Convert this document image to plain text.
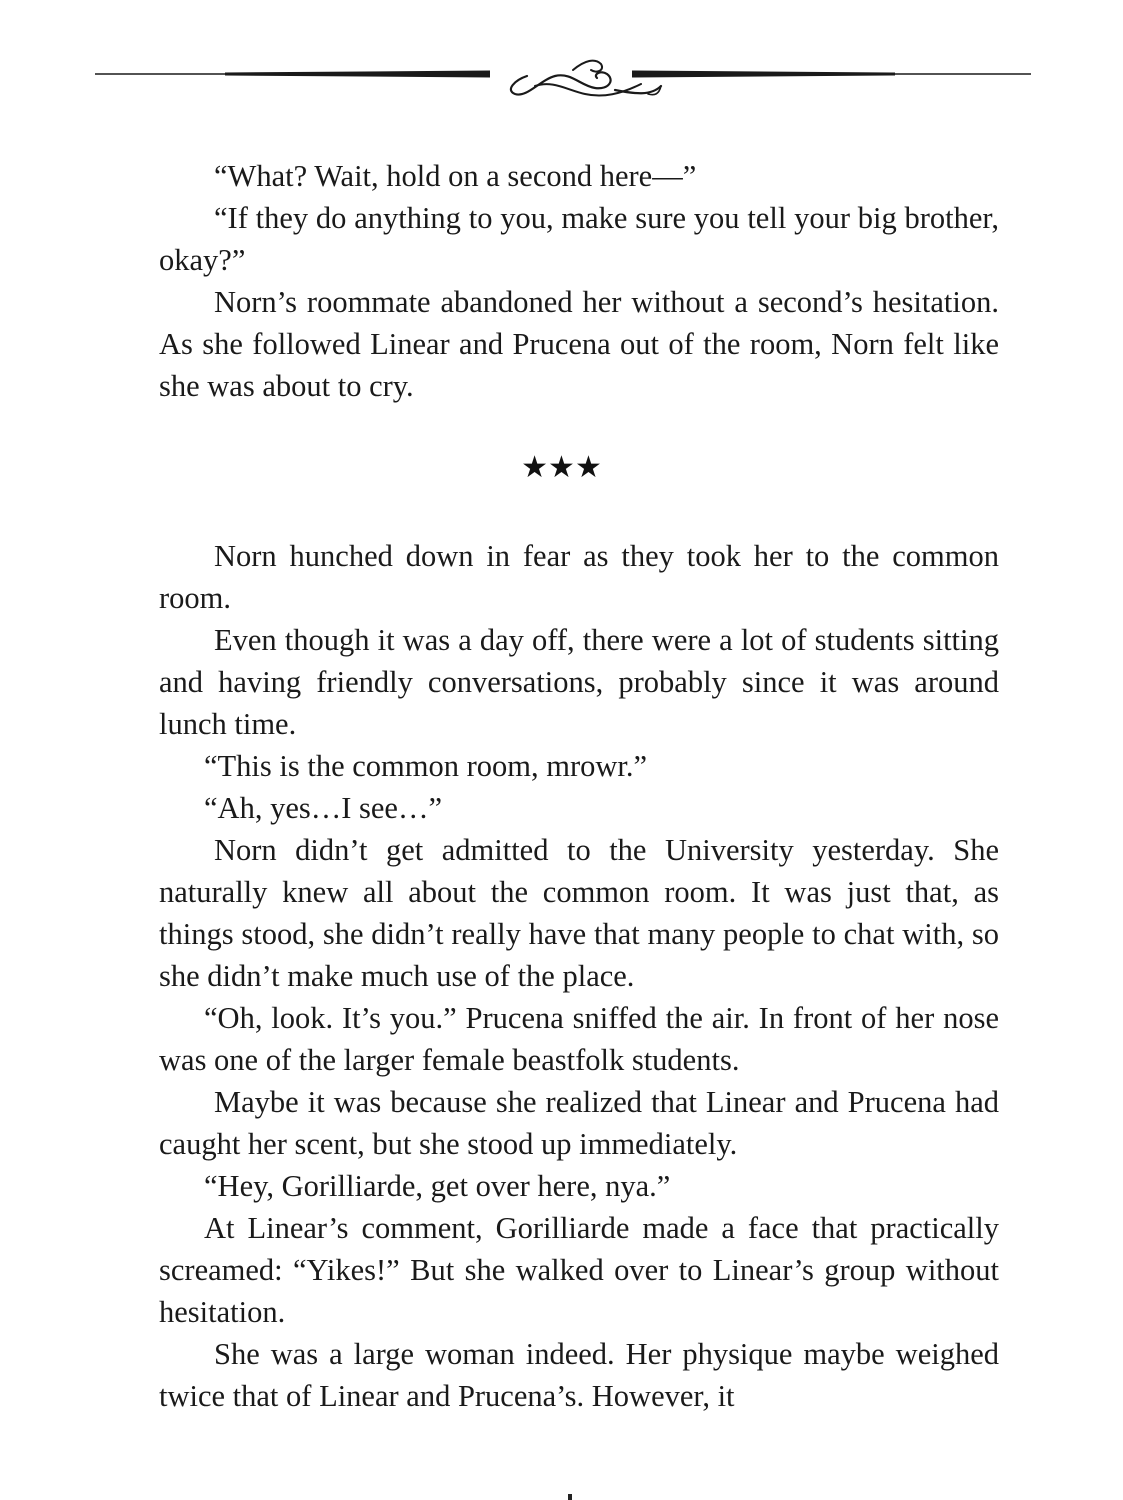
“What? Wait, hold on a second here—”

“If they do anything to you, make sure you tell your big brother, okay?”

Norn’s roommate abandoned her without a second’s hesitation. As she followed Linear and Prucena out of the room, Norn felt like she was about to cry.

★★★

Norn hunched down in fear as they took her to the common room.

Even though it was a day off, there were a lot of students sitting and having friendly conversations, probably since it was around lunch time.

“This is the common room, mrowr.”

“Ah, yes…I see…”

Norn didn’t get admitted to the University yesterday. She naturally knew all about the common room. It was just that, as things stood, she didn’t really have that many people to chat with, so she didn’t make much use of the place.

“Oh, look. It’s you.” Prucena sniffed the air. In front of her nose was one of the larger female beastfolk students.

Maybe it was because she realized that Linear and Prucena had caught her scent, but she stood up immediately.

“Hey, Gorilliarde, get over here, nya.”

At Linear’s comment, Gorilliarde made a face that practically screamed: “Yikes!” But she walked over to Linear’s group without hesitation.

She was a large woman indeed. Her physique maybe weighed twice that of Linear and Prucena’s. However, it
